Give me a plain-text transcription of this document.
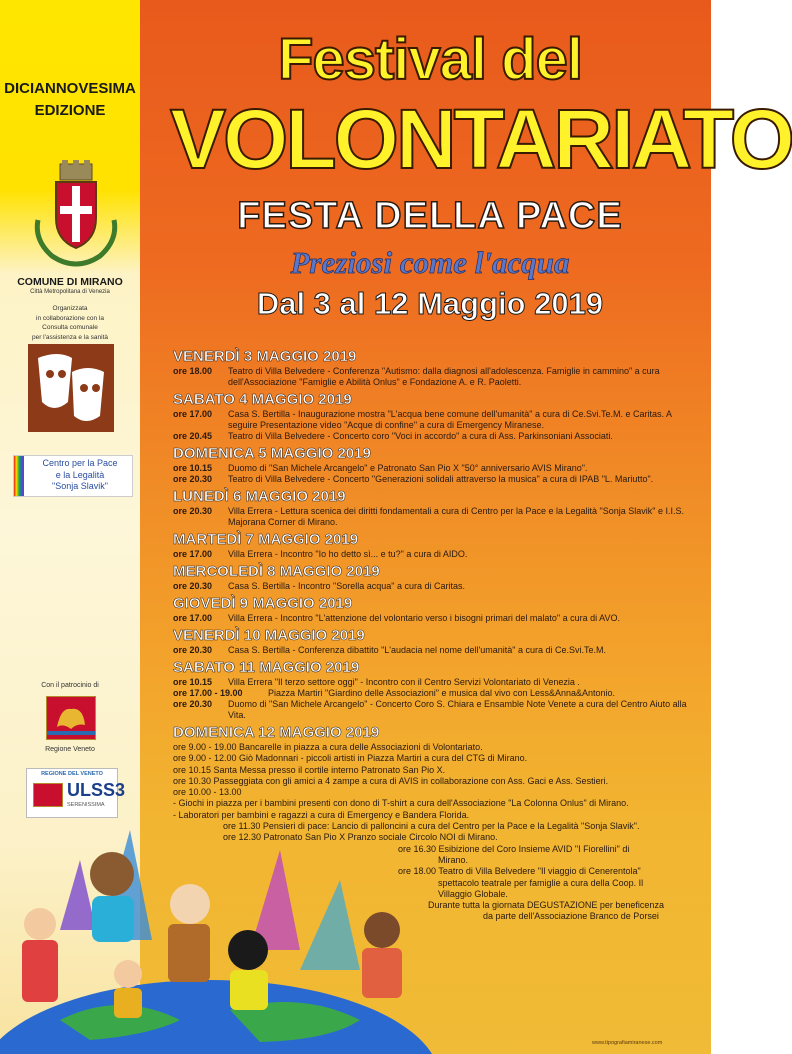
DICIANNOVESIMA
EDIZIONE
COMUNE DI MIRANO
Città Metropolitana di Venezia
Organizzata
in collaborazione con la
Consulta comunale
per l'assistenza e la sanità
Centro per la Pace
e la Legalità
"Sonja Slavik"
Con il patrocinio di
Regione Veneto
REGIONE DEL VENETO
ULSS3
SERENISSIMA
Festival del
VOLONTARIATO
FESTA DELLA PACE
Preziosi come l'acqua
Dal 3 al 12 Maggio 2019
VENERDÌ 3 MAGGIO 2019
ore 18.00	Teatro di Villa Belvedere - Conferenza "Autismo: dalla diagnosi all'adolescenza. Famiglie in cammino" a cura dell'Associazione "Famiglie e Abilità Onlus" e Fondazione A. e R. Paoletti.
SABATO 4 MAGGIO 2019
ore 17.00	Casa S. Bertilla - Inaugurazione mostra "L'acqua bene comune dell'umanità" a cura di Ce.Svi.Te.M. e Caritas. A seguire Presentazione video "Acque di confine" a cura di Emergency Miranese.
ore 20.45	Teatro di Villa Belvedere - Concerto coro "Voci in accordo" a cura di Ass. Parkinsoniani Associati.
DOMENICA 5 MAGGIO 2019
ore 10.15	Duomo di "San Michele Arcangelo" e Patronato San Pio X "50° anniversario AVIS Mirano".
ore 20.30	Teatro di Villa Belvedere - Concerto "Generazioni solidali attraverso la musica" a cura di IPAB "L. Mariutto".
LUNEDÌ 6 MAGGIO 2019
ore 20.30	Villa Errera - Lettura scenica dei diritti fondamentali a cura di Centro per la Pace e la Legalità "Sonja Slavik" e I.I.S. Majorana Corner di Mirano.
MARTEDÌ 7 MAGGIO 2019
ore 17.00	Villa Errera - Incontro "Io ho detto sì... e tu?" a cura di AIDO.
MERCOLEDÌ 8 MAGGIO 2019
ore 20.30	Casa S. Bertilla - Incontro "Sorella acqua" a cura di Caritas.
GIOVEDÌ 9 MAGGIO 2019
ore 17.00	Villa Errera - Incontro "L'attenzione del volontario verso i bisogni primari del malato" a cura di AVO.
VENERDÌ 10 MAGGIO 2019
ore 20.30	Casa S. Bertilla - Conferenza dibattito "L'audacia nel nome dell'umanità" a cura di Ce.Svi.Te.M.
SABATO 11 MAGGIO 2019
ore 10.15	Villa Errera "Il terzo settore oggi" - Incontro con il Centro Servizi Volontariato di Venezia .
ore 17.00 - 19.00	Piazza Martiri "Giardino delle Associazioni" e musica dal vivo con Less&Anna&Antonio.
ore 20.30	Duomo di "San Michele Arcangelo" - Concerto Coro S. Chiara e Ensamble Note Venete a cura del Centro Aiuto alla Vita.
DOMENICA 12 MAGGIO 2019
ore 9.00 - 19.00 Bancarelle in piazza a cura delle Associazioni di Volontariato.
ore 9.00 - 12.00 Giò Madonnari - piccoli artisti in Piazza Martiri a cura del CTG di Mirano.
ore 10.15 Santa Messa presso il cortile interno Patronato San Pio X.
ore 10.30 Passeggiata con gli amici a 4 zampe a cura di AVIS in collaborazione con Ass. Gaci e Ass. Sestieri.
ore 10.00 - 13.00
- Giochi in piazza per i bambini presenti con dono di T-shirt a cura dell'Associazione "La Colonna Onlus" di Mirano.
- Laboratori per bambini e ragazzi a cura di Emergency e Bandera Florida.
ore 11.30 Pensieri di pace: Lancio di palloncini a cura del Centro per la Pace e la Legalità "Sonja Slavik".
ore 12.30 Patronato San Pio X Pranzo sociale Circolo NOI di Mirano.
ore 16.30 Esibizione del Coro Insieme AVID "I Fiorellini" di
Mirano.
ore 18.00 Teatro di Villa Belvedere "Il viaggio di Cenerentola"
spettacolo teatrale per famiglie a cura della Coop. Il
Villaggio Globale.
Durante tutta la giornata DEGUSTAZIONE per beneficenza
da parte dell'Associazione Branco de Porsei
www.tipografiamiranese.com
